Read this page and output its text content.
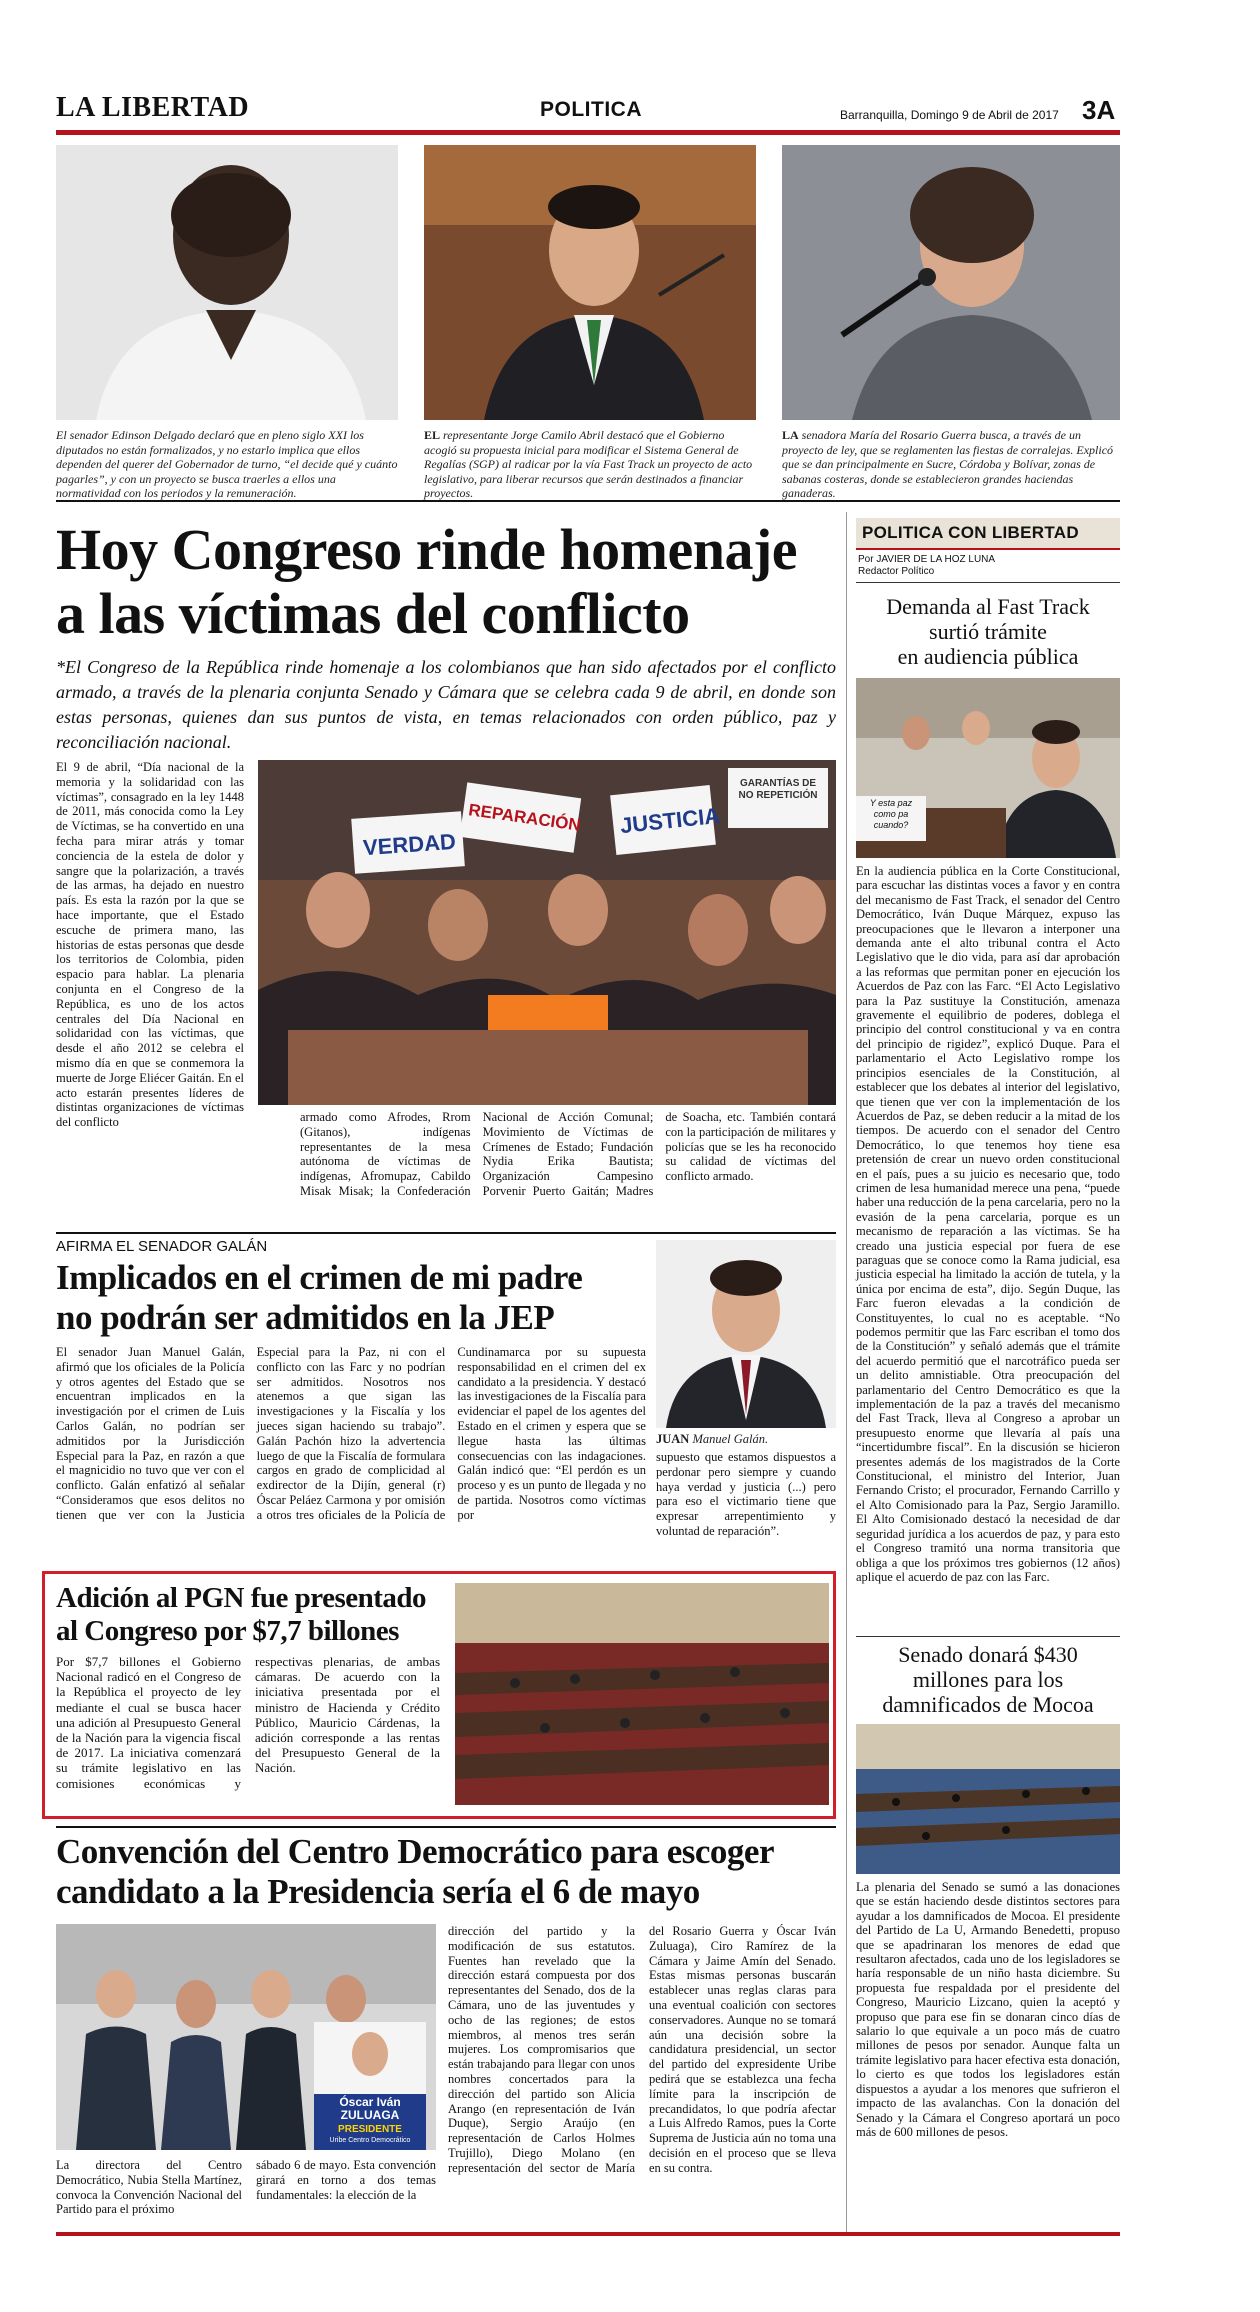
LA LIBERTAD	POLITICA	Barranquilla, Domingo 9 de Abril de 2017 3A
El senador Edinson Delgado declaró que en pleno siglo XXI los diputados no están formalizados, y no estarlo implica que ellos dependen del querer del Gobernador de turno, “el decide qué y cuánto pagarles”, y con un proyecto se busca traerles a ellos una normatividad con los periodos y la remuneración.
EL representante Jorge Camilo Abril destacó que el Gobierno acogió su propuesta inicial para modificar el Sistema General de Regalías (SGP) al radicar por la vía Fast Track un proyecto de acto legislativo, para liberar recursos que serán destinados a financiar proyectos.
LA senadora María del Rosario Guerra busca, a través de un proyecto de ley, que se reglamenten las fiestas de corralejas. Explicó que se dan principalmente en Sucre, Córdoba y Bolívar, zonas de sabanas costeras, donde se establecieron grandes haciendas ganaderas.
Hoy Congreso rinde homenaje
a las víctimas del conflicto
*El Congreso de la República rinde homenaje a los colombianos que han sido afectados por el conflicto armado, a través de la plenaria conjunta Senado y Cámara que se celebra cada 9 de abril, en donde son estas personas, quienes dan sus puntos de vista, en temas relacionados con orden público, paz y reconciliación nacional.
El 9 de abril, “Día nacional de la memoria y la solidaridad con las víctimas”, consagrado en la ley 1448 de 2011, más conocida como la Ley de Víctimas, se ha convertido en una fecha para mirar atrás y tomar conciencia de la estela de dolor y sangre que la polarización, a través de las armas, ha dejado en nuestro país. Es esta la razón por la que se hace importante, que el Estado escuche de primera mano, las historias de estas personas que desde los territorios de Colombia, piden espacio para hablar. La plenaria conjunta en el Congreso de la República, es uno de los actos centrales del Día Nacional en solidaridad con las víctimas, que desde el año 2012 se celebra el mismo día en que se conmemora la muerte de Jorge Eliécer Gaitán. En el acto estarán presentes líderes de distintas organizaciones de víctimas del conflicto
VERDAD
REPARACIÓN JUSTICIA
GARANTÍAS DE NO REPETICIÓN
armado como Afrodes, Rrom (Gitanos), indígenas representantes de la mesa autónoma de víctimas de indígenas, Afromupaz, Cabildo Misak Misak; la Confederación Nacional de Acción Comunal; Movimiento de Víctimas de Crímenes de Estado; Fundación Nydia Erika Bautista; Organización Campesino Porvenir Puerto Gaitán; Madres de Soacha, etc. También contará con la participación de militares y policías que se les ha reconocido su calidad de víctimas del conflicto armado.
AFIRMA EL SENADOR GALÁN
Implicados en el crimen de mi padre
no podrán ser admitidos en la JEP
El senador Juan Manuel Galán, afirmó que los oficiales de la Policía y otros agentes del Estado que se encuentran implicados en la investigación por el crimen de Luis Carlos Galán, no podrían ser admitidos por la Jurisdicción Especial para la Paz, en razón a que el magnicidio no tuvo que ver con el conflicto. Galán enfatizó al señalar “Consideramos que esos delitos no tienen que ver con la Justicia Especial para la Paz, ni con el conflicto con las Farc y no podrían ser admitidos. Nosotros nos atenemos a que sigan las investigaciones y la Fiscalía y los jueces sigan haciendo su trabajo”. Galán Pachón hizo la advertencia luego de que la Fiscalía de formulara cargos en grado de complicidad al exdirector de la Dijín, general (r) Óscar Peláez Carmona y por omisión a otros tres oficiales de la Policía de Cundinamarca por su supuesta responsabilidad en el crimen del ex candidato a la presidencia. Y destacó las investigaciones de la Fiscalía para evidenciar el papel de los agentes del Estado en el crimen y espera que se llegue hasta las últimas consecuencias con las indagaciones. Galán indicó que: “El perdón es un proceso y es un punto de llegada y no de partida. Nosotros como víctimas por
JUAN Manuel Galán.
supuesto que estamos dispuestos a perdonar pero siempre y cuando haya verdad y justicia (...) pero para eso el victimario tiene que expresar arrepentimiento y voluntad de reparación”.
Adición al PGN fue presentado
al Congreso por $7,7 billones
Por $7,7 billones el Gobierno Nacional radicó en el Congreso de la República el proyecto de ley mediante el cual se busca hacer una adición al Presupuesto General de la Nación para la vigencia fiscal de 2017. La iniciativa comenzará su trámite legislativo en las comisiones económicas y respectivas plenarias, de ambas cámaras. De acuerdo con la iniciativa presentada por el ministro de Hacienda y Crédito Público, Mauricio Cárdenas, la adición corresponde a las rentas del Presupuesto General de la Nación.
Convención del Centro Democrático para escoger
candidato a la Presidencia sería el 6 de mayo
Óscar Iván ZULUAGA
PRESIDENTE
Uribe Centro Democrático
La directora del Centro Democrático, Nubia Stella Martínez, convoca la Convención Nacional del Partido para el próximo
sábado 6 de mayo. Esta convención girará en torno a dos temas fundamentales: la elección de la
dirección del partido y la modificación de sus estatutos. Fuentes han revelado que la dirección estará compuesta por dos representantes del Senado, dos de la Cámara, uno de las juventudes y ocho de las regiones; de estos miembros, al menos tres serán mujeres. Los compromisarios que están trabajando para llegar con unos nombres concertados para la dirección del partido son Alicia Arango (en representación de Iván Duque), Sergio Araújo (en representación de Carlos Holmes Trujillo), Diego Molano (en representación del sector de María del Rosario Guerra y Óscar Iván Zuluaga), Ciro Ramírez de la Cámara y Jaime Amín del Senado. Estas mismas personas buscarán establecer unas reglas claras para una eventual coalición con sectores conservadores. Aunque no se tomará aún una decisión sobre la candidatura presidencial, un sector del partido del expresidente Uribe pedirá que se establezca una fecha límite para la inscripción de precandidatos, lo que podría afectar a Luis Alfredo Ramos, pues la Corte Suprema de Justicia aún no toma una decisión en el proceso que se lleva en su contra.
POLITICA CON LIBERTAD
Por JAVIER DE LA HOZ LUNA
Redactor Político
Demanda al Fast Track
surtió trámite
en audiencia pública
Y esta paz como pa cuando?
En la audiencia pública en la Corte Constitucional, para escuchar las distintas voces a favor y en contra del mecanismo de Fast Track, el senador del Centro Democrático, Iván Duque Márquez, expuso las preocupaciones que le llevaron a interponer una demanda ante el alto tribunal contra el Acto Legislativo que le dio vida, para así dar aprobación a las reformas que permitan poner en ejecución los Acuerdos de Paz con las Farc. “El Acto Legislativo para la Paz sustituye la Constitución, amenaza gravemente el equilibrio de poderes, doblega el principio del control constitucional y va en contra del principio de rigidez”, explicó Duque. Para el parlamentario el Acto Legislativo rompe los principios esenciales de la Constitución, al establecer que los debates al interior del legislativo, que tienen que ver con la implementación de los Acuerdos de Paz, se deben reducir a la mitad de los tiempos. De acuerdo con el senador del Centro Democrático, lo que tenemos hoy tiene esa pretensión de crear un nuevo orden constitucional en el país, pues a su juicio es necesario que, todo crimen de lesa humanidad merece una pena, “puede haber una reducción de la pena carcelaria, pero no la evasión de la pena carcelaria, porque es un mecanismo de reparación a las víctimas. Se ha creado una justicia especial por fuera de ese paraguas que se conoce como la Rama judicial, esa justicia especial ha limitado la acción de tutela, y la única por encima de esta”, dijo. Según Duque, las Farc fueron elevadas a la condición de Constituyentes, lo cual no es aceptable. “No podemos permitir que las Farc escriban el tomo dos de la Constitución” y señaló además que el trámite del acuerdo permitió que el narcotráfico pueda ser un delito amnistiable. Otra preocupación del parlamentario del Centro Democrático es que la implementación de la paz a través del mecanismo del Fast Track, lleva al Congreso a aprobar un presupuesto enorme que llevaría al país una “incertidumbre fiscal”. En la discusión se hicieron presentes además de los magistrados de la Corte Constitucional, el ministro del Interior, Juan Fernando Cristo; el procurador, Fernando Carrillo y el Alto Comisionado para la Paz, Sergio Jaramillo. El Alto Comisionado destacó la necesidad de dar seguridad jurídica a los acuerdos de paz, y para esto el Congreso tramitó una norma transitoria que obliga a que los próximos tres gobiernos (12 años) aplique el acuerdo de paz con las Farc.
Senado donará $430
millones para los
damnificados de Mocoa
La plenaria del Senado se sumó a las donaciones que se están haciendo desde distintos sectores para ayudar a los damnificados de Mocoa. El presidente del Partido de La U, Armando Benedetti, propuso que se apadrinaran los menores de edad que resultaron afectados, cada uno de los legisladores se haría responsable de un niño hasta diciembre. Su propuesta fue respaldada por el presidente del Congreso, Mauricio Lizcano, quien la aceptó y propuso que para ese fin se donaran cinco días de salario lo que equivale a un poco más de cuatro millones de pesos por senador. Aunque falta un trámite legislativo para hacer efectiva esta donación, lo cierto es que todos los legisladores están dispuestos a ayudar a los menores que sufrieron el impacto de las avalanchas. Con la donación del Senado y la Cámara el Congreso aportará un poco más de 600 millones de pesos.
